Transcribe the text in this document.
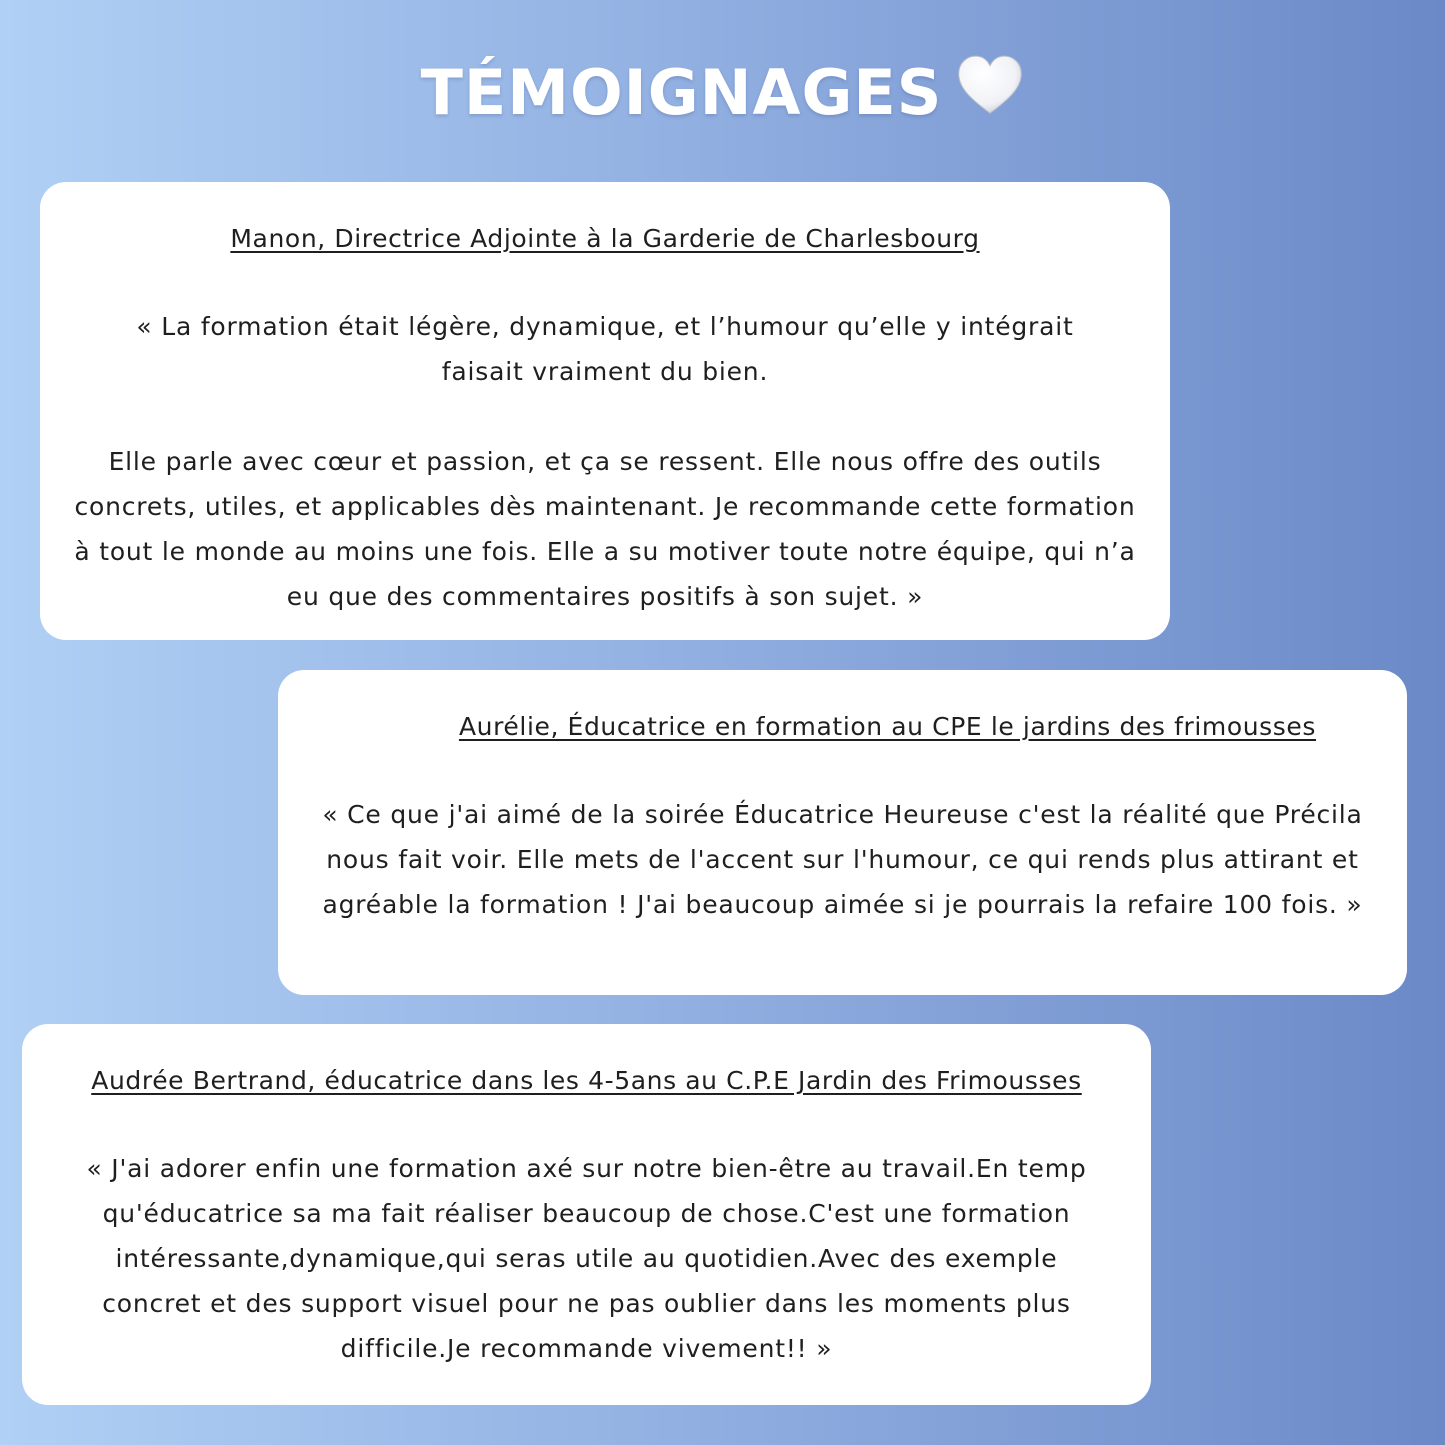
TÉMOIGNAGES
Manon, Directrice Adjointe à la Garderie de Charlesbourg

« La formation était légère, dynamique, et l’humour qu’elle y intégrait faisait vraiment du bien.

Elle parle avec cœur et passion, et ça se ressent. Elle nous offre des outils concrets, utiles, et applicables dès maintenant. Je recommande cette formation à tout le monde au moins une fois. Elle a su motiver toute notre équipe, qui n’a eu que des commentaires positifs à son sujet. »

Aurélie, Éducatrice en formation au CPE le jardins des frimousses

« Ce que j'ai aimé de la soirée Éducatrice Heureuse c'est la réalité que Précila nous fait voir. Elle mets de l'accent sur l'humour, ce qui rends plus attirant et agréable la formation ! J'ai beaucoup aimée si je pourrais la refaire 100 fois. »

Audrée Bertrand, éducatrice dans les 4-5ans au C.P.E Jardin des Frimousses

« J'ai adorer enfin une formation axé sur notre bien-être au travail.En temp qu'éducatrice sa ma fait réaliser beaucoup de chose.C'est une formation intéressante,dynamique,qui seras utile au quotidien.Avec des exemple concret et des support visuel pour ne pas oublier dans les moments plus difficile.Je recommande vivement!! »
